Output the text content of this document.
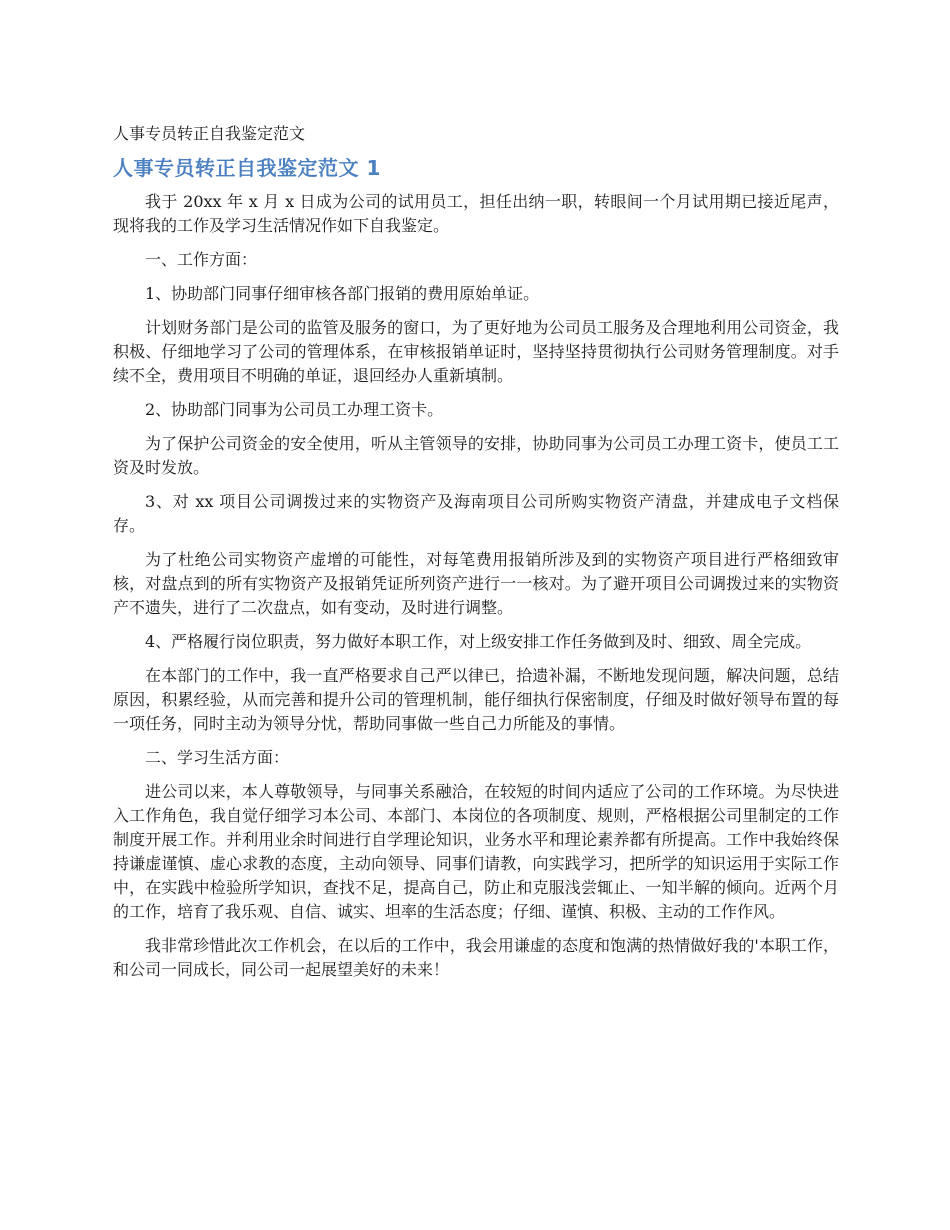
人事专员转正自我鉴定范文
人事专员转正自我鉴定范文 1

我于 20xx 年 x 月 x 日成为公司的试用员工，担任出纳一职，转眼间一个月试用期已接近尾声，现将我的工作及学习生活情况作如下自我鉴定。

一、工作方面：

1、协助部门同事仔细审核各部门报销的费用原始单证。

计划财务部门是公司的监管及服务的窗口，为了更好地为公司员工服务及合理地利用公司资金，我积极、仔细地学习了公司的管理体系，在审核报销单证时，坚持坚持贯彻执行公司财务管理制度。对手续不全，费用项目不明确的单证，退回经办人重新填制。

2、协助部门同事为公司员工办理工资卡。

为了保护公司资金的安全使用，听从主管领导的安排，协助同事为公司员工办理工资卡，使员工工资及时发放。

3、对 xx 项目公司调拨过来的实物资产及海南项目公司所购实物资产清盘，并建成电子文档保存。

为了杜绝公司实物资产虚增的可能性，对每笔费用报销所涉及到的实物资产项目进行严格细致审核，对盘点到的所有实物资产及报销凭证所列资产进行一一核对。为了避开项目公司调拨过来的实物资产不遗失，进行了二次盘点，如有变动，及时进行调整。

4、严格履行岗位职责，努力做好本职工作，对上级安排工作任务做到及时、细致、周全完成。

在本部门的工作中，我一直严格要求自己严以律已，拾遗补漏，不断地发现问题，解决问题，总结原因，积累经验，从而完善和提升公司的管理机制，能仔细执行保密制度，仔细及时做好领导布置的每一项任务，同时主动为领导分忧，帮助同事做一些自己力所能及的事情。

二、学习生活方面：

进公司以来，本人尊敬领导，与同事关系融洽，在较短的时间内适应了公司的工作环境。为尽快进入工作角色，我自觉仔细学习本公司、本部门、本岗位的各项制度、规则，严格根据公司里制定的工作制度开展工作。并利用业余时间进行自学理论知识，业务水平和理论素养都有所提高。工作中我始终保持谦虚谨慎、虚心求教的态度，主动向领导、同事们请教，向实践学习，把所学的知识运用于实际工作中，在实践中检验所学知识，查找不足，提高自己，防止和克服浅尝辄止、一知半解的倾向。近两个月的工作，培育了我乐观、自信、诚实、坦率的生活态度；仔细、谨慎、积极、主动的工作作风。

我非常珍惜此次工作机会，在以后的工作中，我会用谦虚的态度和饱满的热情做好我的'本职工作，和公司一同成长，同公司一起展望美好的未来！
